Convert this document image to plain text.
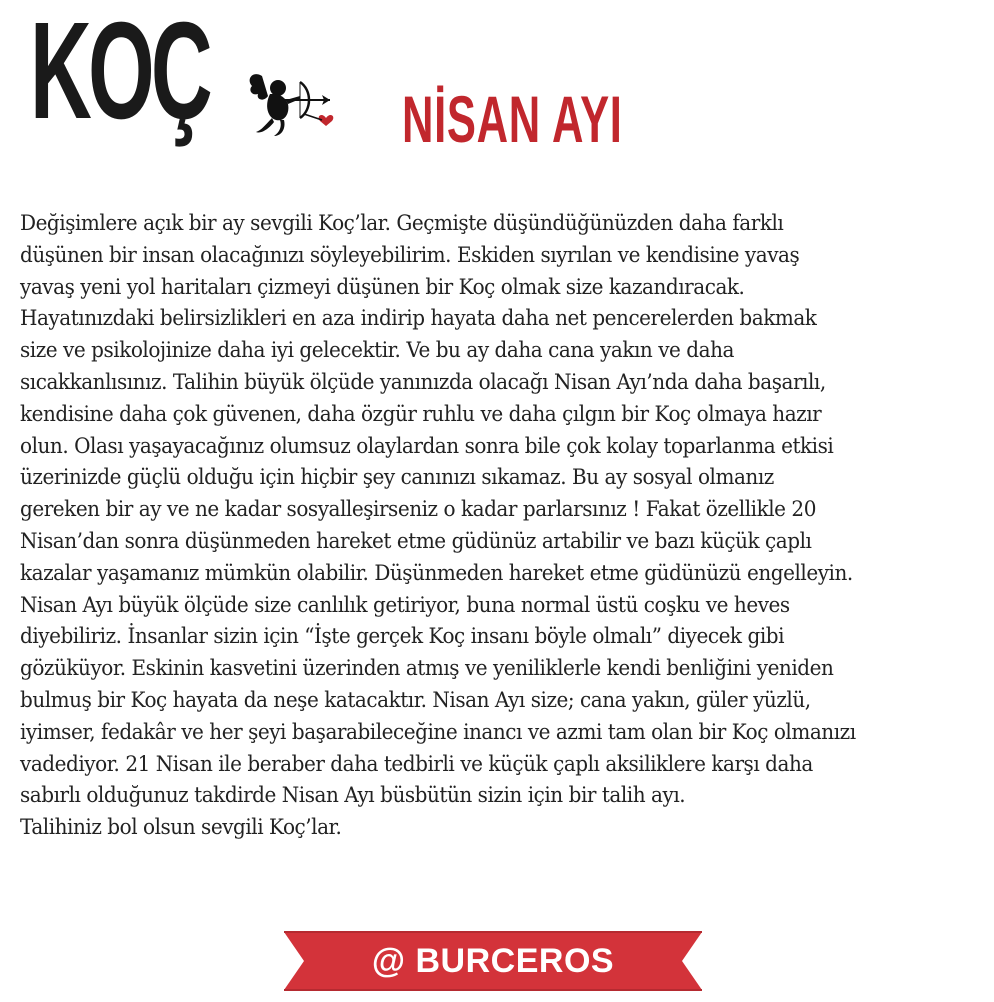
KOÇ	NİSAN AYI
Değişimlere açık bir ay sevgili Koç’lar. Geçmişte düşündüğünüzden daha farklı
düşünen bir insan olacağınızı söyleyebilirim. Eskiden sıyrılan ve kendisine yavaş
yavaş yeni yol haritaları çizmeyi düşünen bir Koç olmak size kazandıracak.
Hayatınızdaki belirsizlikleri en aza indirip hayata daha net pencerelerden bakmak
size ve psikolojinize daha iyi gelecektir. Ve bu ay daha cana yakın ve daha
sıcakkanlısınız. Talihin büyük ölçüde yanınızda olacağı Nisan Ayı’nda daha başarılı,
kendisine daha çok güvenen, daha özgür ruhlu ve daha çılgın bir Koç olmaya hazır
olun. Olası yaşayacağınız olumsuz olaylardan sonra bile çok kolay toparlanma etkisi
üzerinizde güçlü olduğu için hiçbir şey canınızı sıkamaz. Bu ay sosyal olmanız
gereken bir ay ve ne kadar sosyalleşirseniz o kadar parlarsınız ! Fakat özellikle 20
Nisan’dan sonra düşünmeden hareket etme güdünüz artabilir ve bazı küçük çaplı
kazalar yaşamanız mümkün olabilir. Düşünmeden hareket etme güdünüzü engelleyin.
Nisan Ayı büyük ölçüde size canlılık getiriyor, buna normal üstü coşku ve heves
diyebiliriz. İnsanlar sizin için “İşte gerçek Koç insanı böyle olmalı” diyecek gibi
gözüküyor. Eskinin kasvetini üzerinden atmış ve yeniliklerle kendi benliğini yeniden
bulmuş bir Koç hayata da neşe katacaktır. Nisan Ayı size; cana yakın, güler yüzlü,
iyimser, fedakâr ve her şeyi başarabileceğine inancı ve azmi tam olan bir Koç olmanızı
vadediyor. 21 Nisan ile beraber daha tedbirli ve küçük çaplı aksiliklere karşı daha
sabırlı olduğunuz takdirde Nisan Ayı büsbütün sizin için bir talih ayı.
Talihiniz bol olsun sevgili Koç’lar.
@ BURCEROS
